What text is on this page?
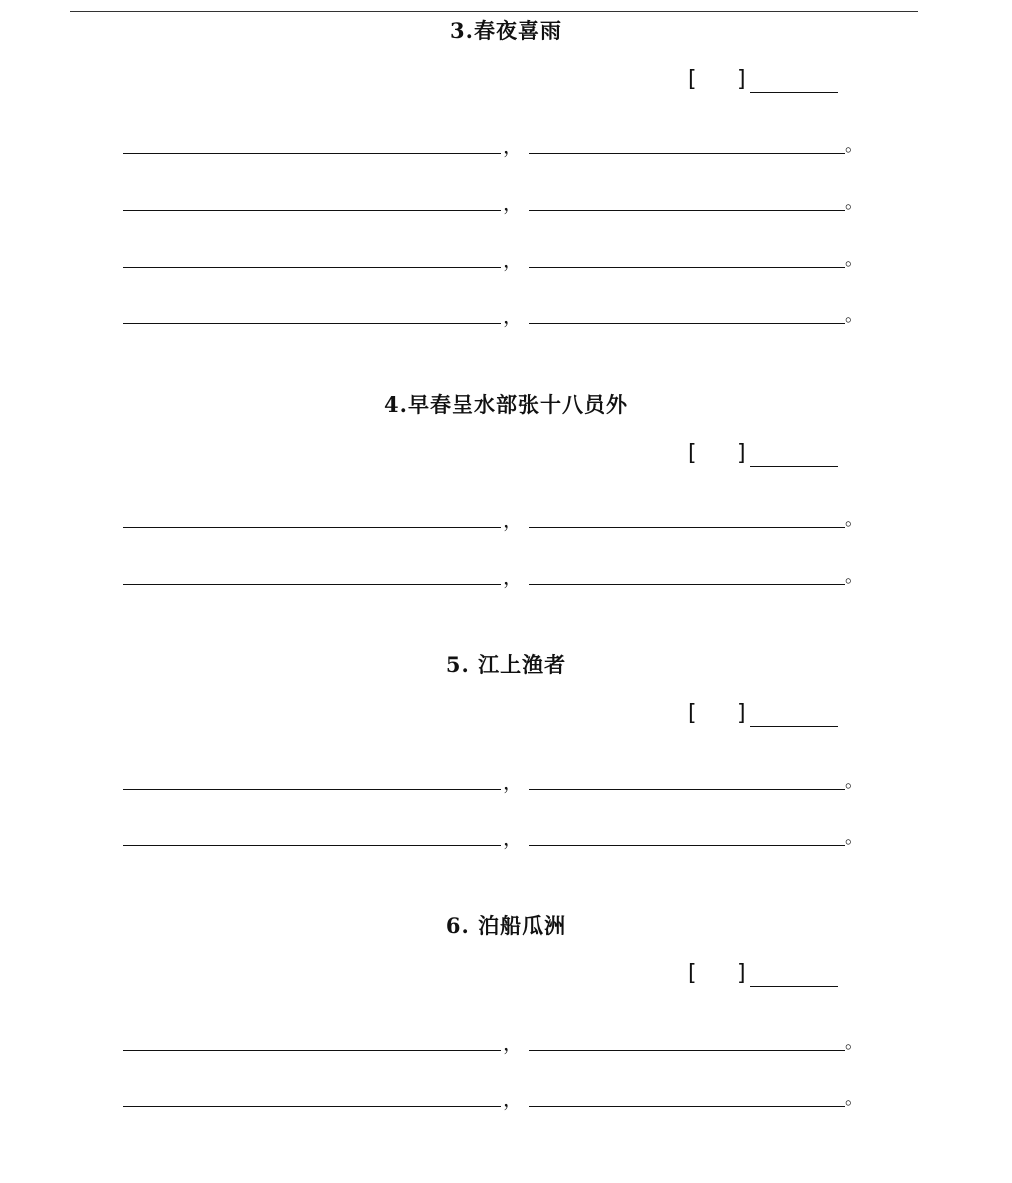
3.春夜喜雨
[ ]
，	。
，	。
，	。
，	。
4.早春呈水部张十八员外
[ ]
，	。
，	。
5. 江上渔者
[ ]
，	。
，	。
6. 泊船瓜洲
[ ]
，	。
，	。
